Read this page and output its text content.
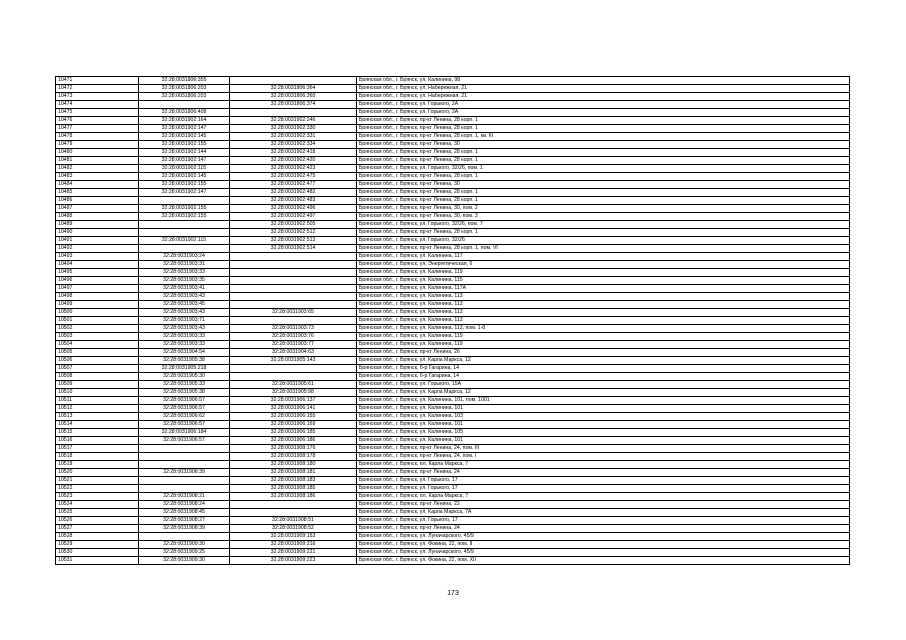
10471	32:28:0031806:355		Брянская обл., г. Брянск, ул. Калинина, 98
10472	32:28:0031806:203	32:28:0031806:364	Брянская обл., г. Брянск, ул. Набережная, 21
10473	32:28:0031806:203	32:28:0031806:365	Брянская обл., г. Брянск, ул. Набережная, 21
10474		32:28:0031806:374	Брянская обл., г. Брянск, ул. Горького, 2А
10475	32:28:0031806:408		Брянская обл., г. Брянск, ул. Горького, 2А
10476	32:28:0031902:164	32:28:0031902:246	Брянская обл., г. Брянск, пр-кт Ленина, 28 корп. 1
10477	32:28:0031902:147	32:28:0031902:330	Брянская обл., г. Брянск, пр-кт Ленина, 28 корп. 1
10478	32:28:0031902:145	32:28:0031902:331	Брянская обл., г. Брянск, пр-кт Ленина, 28 корп. 1, кв. III
10479	32:28:0031902:155	32:28:0031902:334	Брянская обл., г. Брянск, пр-кт Ленина, 30
10480	32:28:0031902:144	32:28:0031902:418	Брянская обл., г. Брянск, пр-кт Ленина, 28 корп. 1
10481	32:28:0031902:147	32:28:0031902:420	Брянская обл., г. Брянск, пр-кт Ленина, 28 корп. 1
10482	32:28:0031902:115	32:28:0031902:423	Брянская обл., г. Брянск, ул. Горького, 32/26, пом. 1
10483	32:28:0031902:145	32:28:0031902:475	Брянская обл., г. Брянск, пр-кт Ленина, 28 корп. 1
10484	32:28:0031902:155	32:28:0031902:477	Брянская обл., г. Брянск, пр-кт Ленина, 30
10485	32:28:0031902:147	32:28:0031902:482	Брянская обл., г. Брянск, пр-кт Ленина, 28 корп. 1
10486		32:28:0031902:483	Брянская обл., г. Брянск, пр-кт Ленина, 28 корп. 1
10487	32:28:0031902:155	32:28:0031902:496	Брянская обл., г. Брянск, пр-кт Ленина, 30, пом. 2
10488	32:28:0031902:155	32:28:0031902:497	Брянская обл., г. Брянск, пр-кт Ленина, 30, пом. 3
10489		32:28:0031902:505	Брянская обл., г. Брянск, ул. Горького, 32/26, пом. 7
10490		32:28:0031902:512	Брянская обл., г. Брянск, пр-кт Ленина, 28 корп. 1
10491	32:28:0031902:115	32:28:0031902:513	Брянская обл., г. Брянск, ул. Горького, 32/26
10492		32:28:0031902:514	Брянская обл., г. Брянск, пр-кт Ленина, 28 корп. 1, пом. VI
10493	32:28:0031903:24		Брянская обл., г. Брянск, ул. Калинина, 117
10494	32:28:0031903:31		Брянская обл., г. Брянск, ул. Энергетическая, 6
10495	32:28:0031903:33		Брянская обл., г. Брянск, ул. Калинина, 119
10496	32:28:0031903:35		Брянская обл., г. Брянск, ул. Калинина, 115
10497	32:28:0031903:41		Брянская обл., г. Брянск, ул. Калинина, 117А
10498	32:28:0031903:43		Брянская обл., г. Брянск, ул. Калинина, 113
10499	32:28:0031903:45		Брянская обл., г. Брянск, ул. Калинина, 113
10500	32:28:0031903:43	32:28:0031903:65	Брянская обл., г. Брянск, ул. Калинина, 113
10501	32:28:0031903:71		Брянская обл., г. Брянск, ул. Калинина, 113
10502	32:28:0031903:43	32:28:0031903:73	Брянская обл., г. Брянск, ул. Калинина, 113, пом. 1-8
10503	32:28:0031903:33	32:28:0031903:76	Брянская обл., г. Брянск, ул. Калинина, 119
10504	32:28:0031903:33	32:28:0031903:77	Брянская обл., г. Брянск, ул. Калинина, 119
10505	32:28:0031904:54	32:28:0031904:63	Брянская обл., г. Брянск, пр-кт Ленина, 26
10506	32:28:0031905:38	32:28:0031905:143	Брянская обл., г. Брянск, ул. Карла Маркса, 12
10507	32:28:0031905:218		Брянская обл., г. Брянск, б-р Гагарина, 14
10508	32:28:0031905:30		Брянская обл., г. Брянск, б-р Гагарина, 14
10509	32:28:0031905:33	32:28:0031905:61	Брянская обл., г. Брянск, ул. Горького, 15А
10510	32:28:0031905:38	32:28:0031905:98	Брянская обл., г. Брянск, ул. Карла Маркса, 12
10511	32:28:0031906:57	32:28:0031906:137	Брянская обл., г. Брянск, ул. Калинина, 101, пом. 1001
10512	32:28:0031906:57	32:28:0031906:141	Брянская обл., г. Брянск, ул. Калинина, 101
10513	32:28:0031906:62	32:28:0031906:155	Брянская обл., г. Брянск, ул. Калинина, 103
10514	32:28:0031906:57	32:28:0031906:169	Брянская обл., г. Брянск, ул. Калинина, 101
10515	32:28:0031906:184	32:28:0031906:185	Брянская обл., г. Брянск, ул. Калинина, 105
10516	32:28:0031906:57	32:28:0031906:186	Брянская обл., г. Брянск, ул. Калинина, 101
10517		32:28:0031908:176	Брянская обл., г. Брянск, пр-кт Ленина, 24, пом. III
10518		32:28:0031908:178	Брянская обл., г. Брянск, пр-кт Ленина, 24, пом. I
10519		32:28:0031908:180	Брянская обл., г. Брянск, пл. Карла Маркса, 7
10520	32:28:0031908:39	32:28:0031908:181	Брянская обл., г. Брянск, пр-кт Ленина, 24
10521		32:28:0031908:183	Брянская обл., г. Брянск, ул. Горького, 17
10522		32:28:0031908:185	Брянская обл., г. Брянск, ул. Горького, 17
10523	32:28:0031908:21	32:28:0031908:186	Брянская обл., г. Брянск, пл. Карла Маркса, 7
10524	32:28:0031908:24		Брянская обл., г. Брянск, пр-кт Ленина, 22
10525	32:28:0031908:45		Брянская обл., г. Брянск, ул. Карла Маркса, 7А
10526	32:28:0031908:27	32:28:0031908:51	Брянская обл., г. Брянск, ул. Горького, 17
10527	32:28:0031908:39	32:28:0031908:52	Брянская обл., г. Брянск, пр-кт Ленина, 24
10528		32:28:0031909:153	Брянская обл., г. Брянск, ул. Луначарского, 45/9
10529	32:28:0031909:30	32:28:0031909:216	Брянская обл., г. Брянск, ул. Фокина, 22, пом. II
10530	32:28:0031909:25	32:28:0031909:221	Брянская обл., г. Брянск, ул. Луначарского, 45/9
10531	32:28:0031909:30	32:28:0031909:223	Брянская обл., г. Брянск, ул. Фокина, 22, пом. XII
173
